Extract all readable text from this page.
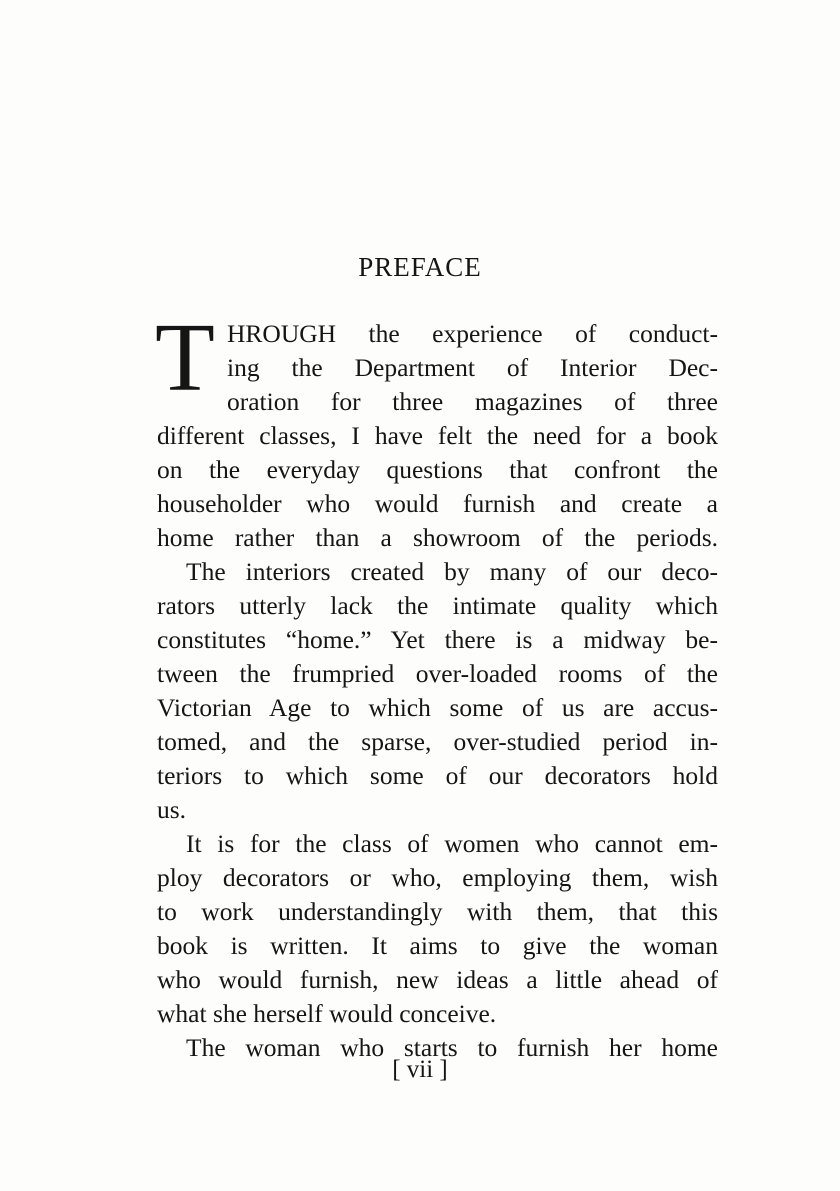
PREFACE
T HROUGH the experience of conduct-
ing the Department of Interior Dec-
oration for three magazines of three
different classes, I have felt the need for a book
on the everyday questions that confront the
householder who would furnish and create a
home rather than a showroom of the periods.
The interiors created by many of our deco-
rators utterly lack the intimate quality which
constitutes “home.” Yet there is a midway be-
tween the frumpried over-loaded rooms of the
Victorian Age to which some of us are accus-
tomed, and the sparse, over-studied period in-
teriors to which some of our decorators hold
us.
It is for the class of women who cannot em-
ploy decorators or who, employing them, wish
to work understandingly with them, that this
book is written. It aims to give the woman
who would furnish, new ideas a little ahead of
what she herself would conceive.
The woman who starts to furnish her home
[ vii ]
